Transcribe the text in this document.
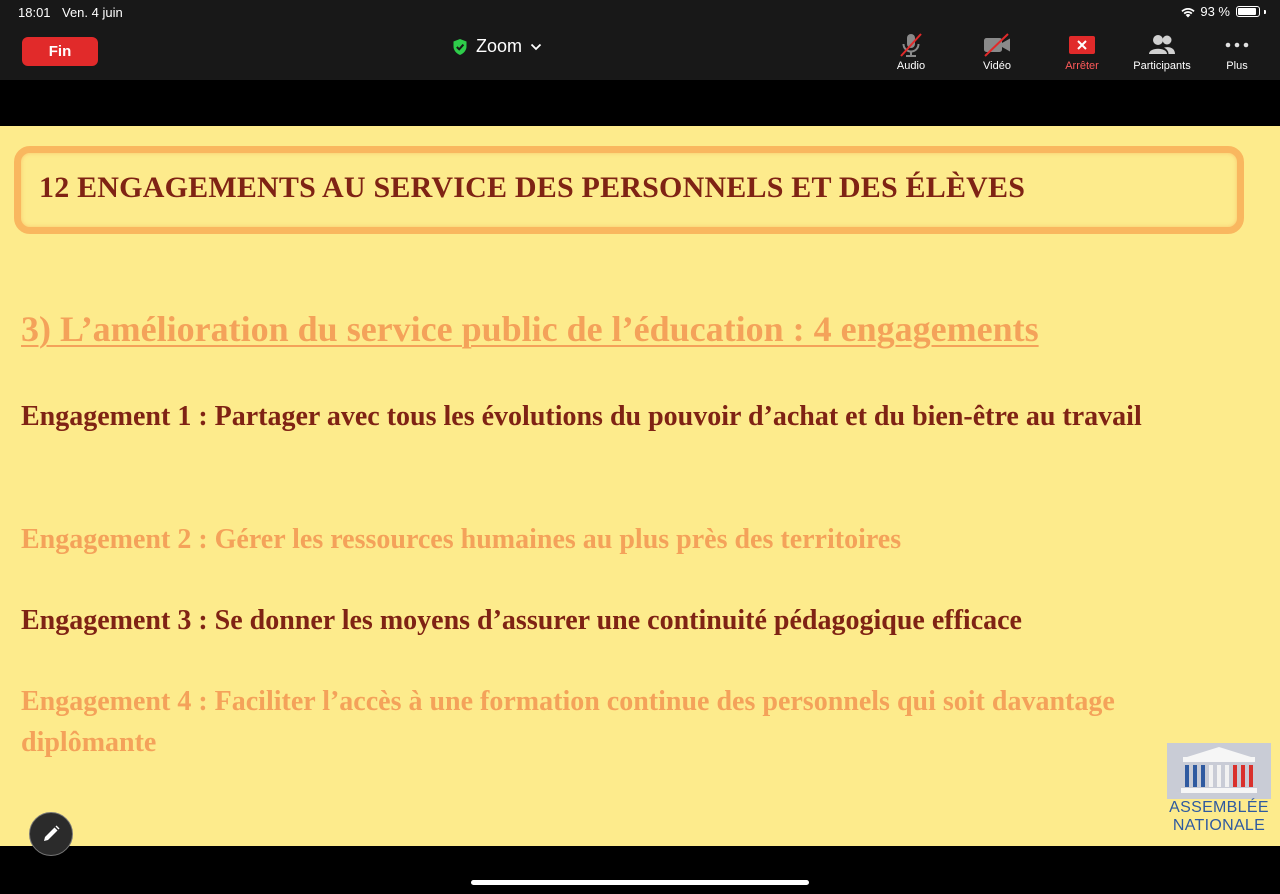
18:01 Ven. 4 juin	93 %
Fin	Zoom
Audio	Vidéo	Arrêter	Participants	Plus
12 ENGAGEMENTS AU SERVICE DES PERSONNELS ET DES ÉLÈVES
3) L’amélioration du service public de l’éducation : 4 engagements

Engagement 1 : Partager avec tous les évolutions du pouvoir d’achat et du bien-être au travail

Engagement 2 : Gérer les ressources humaines au plus près des territoires

Engagement 3 : Se donner les moyens d’assurer une continuité pédagogique efficace

Engagement 4 : Faciliter l’accès à une formation continue des personnels qui soit davantage diplômante

ASSEMBLÉE
NATIONALE
